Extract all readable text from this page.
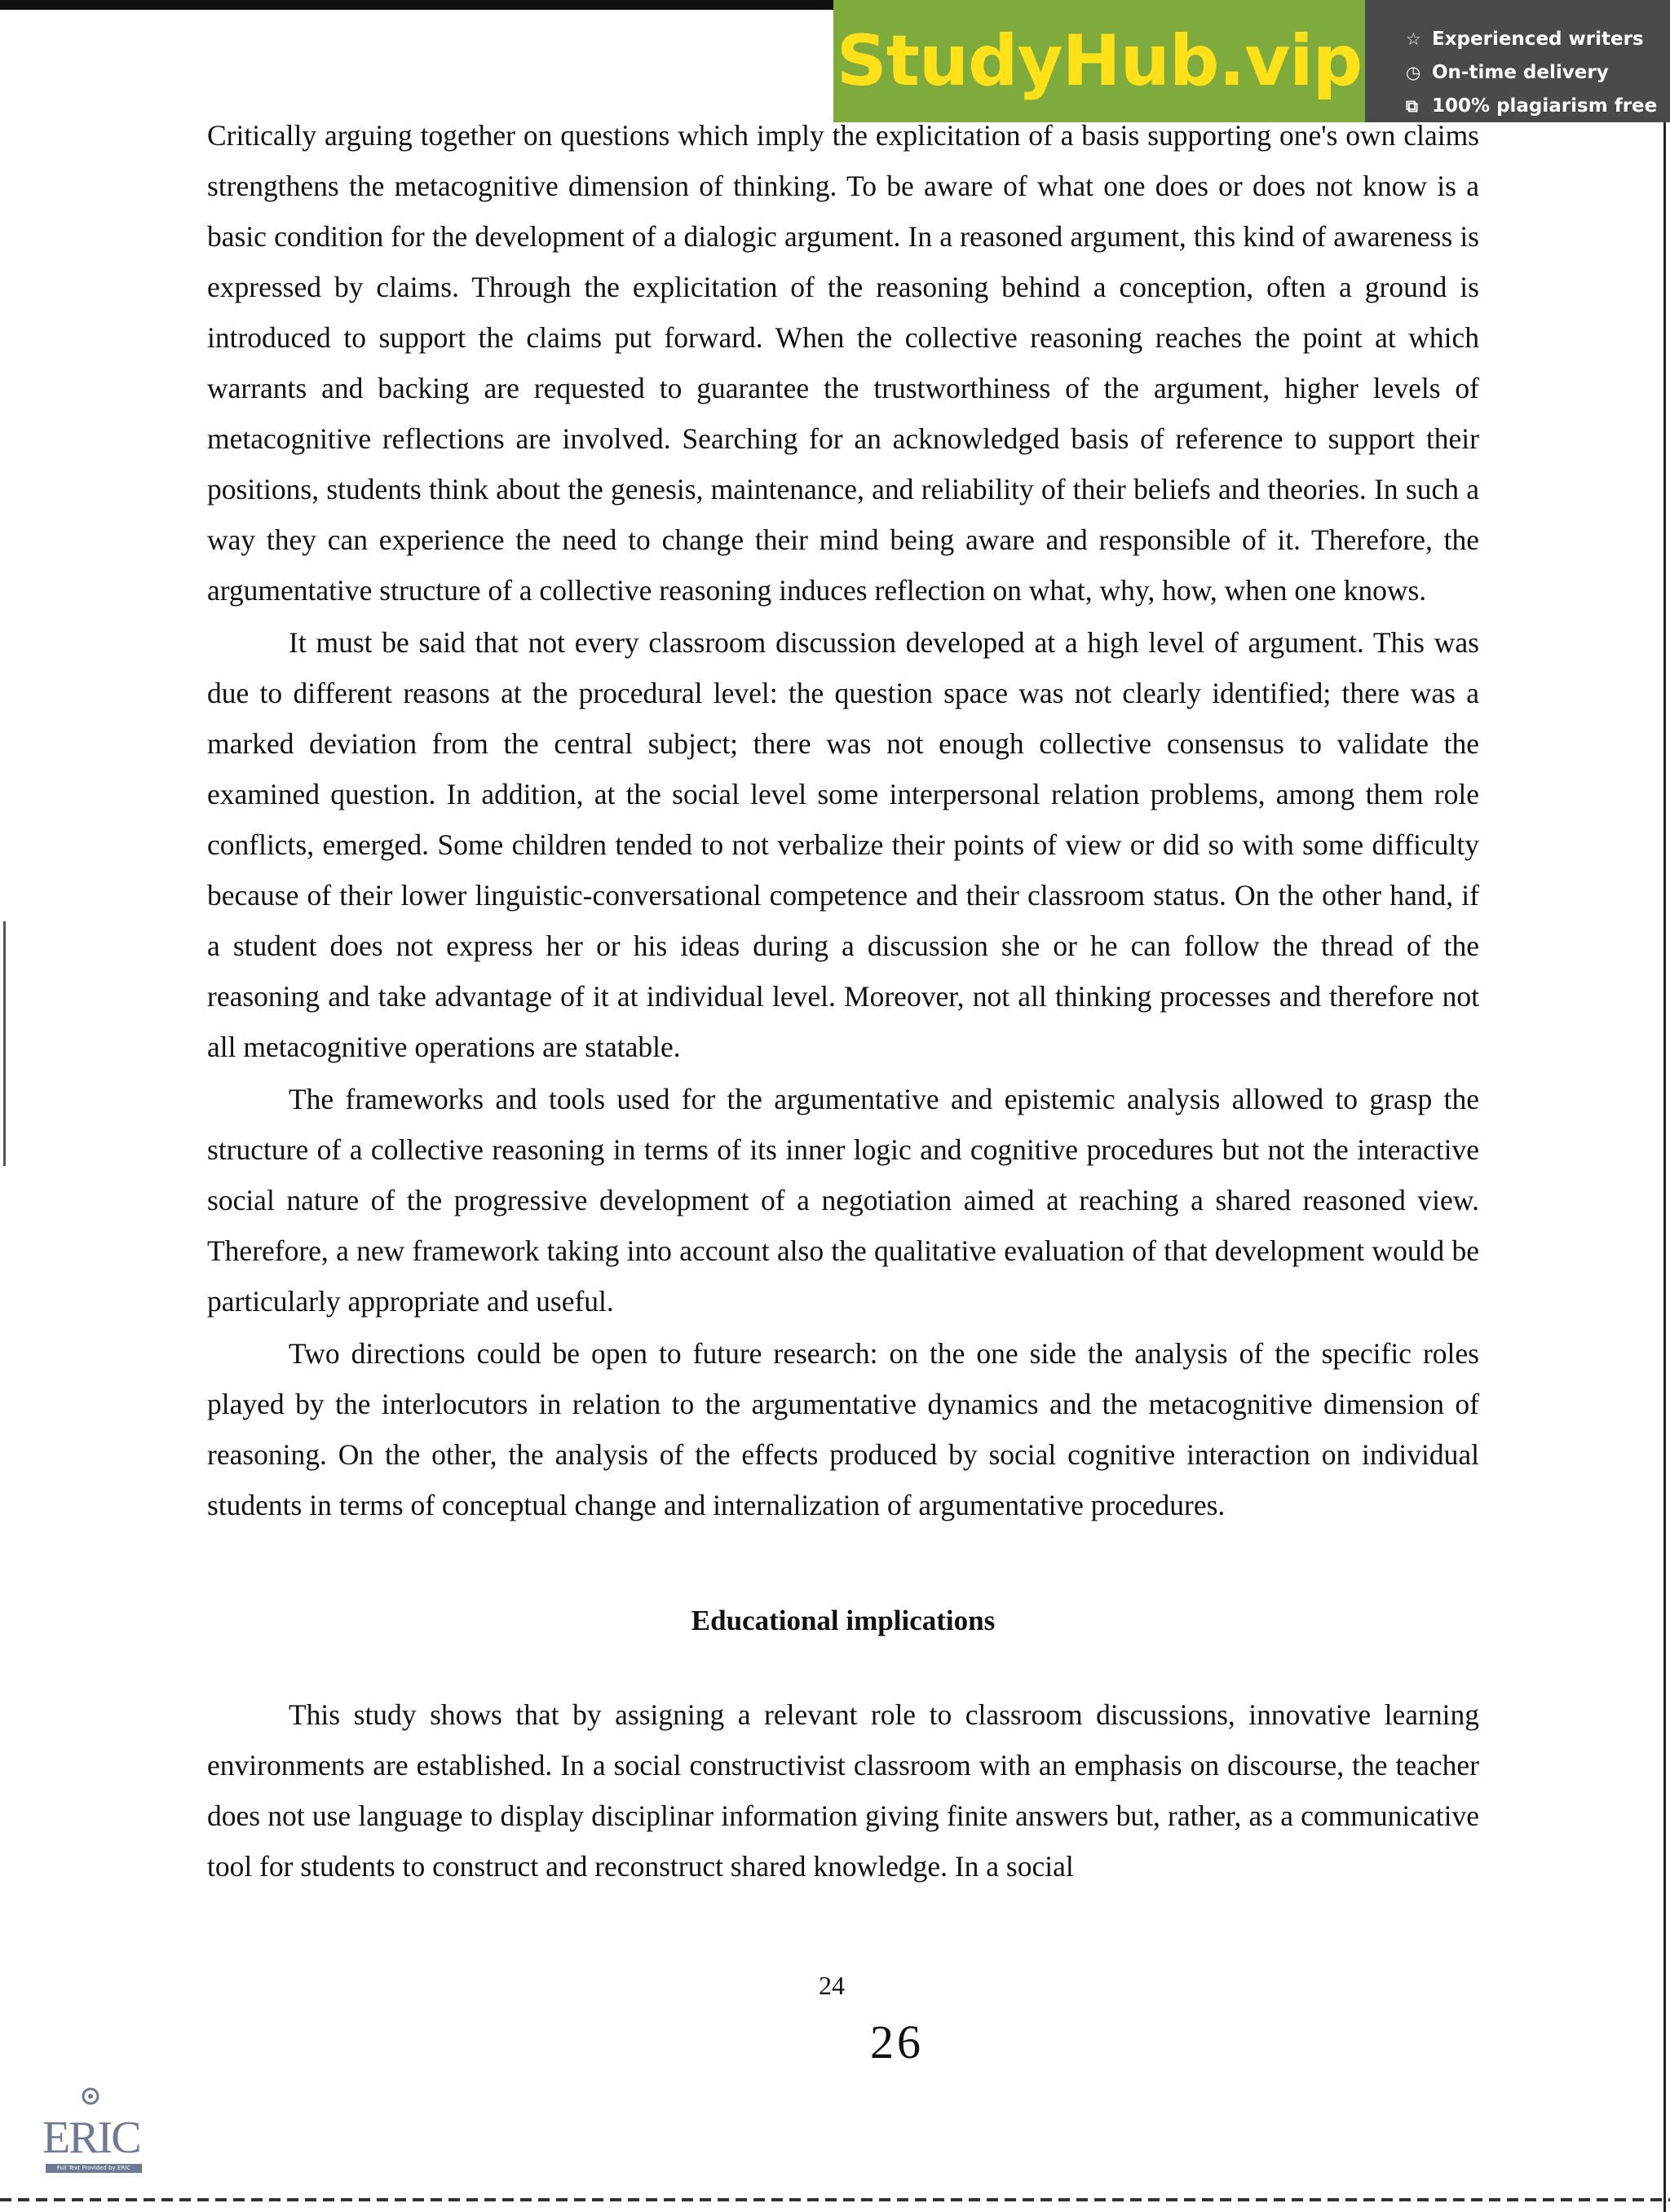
StudyHub.vip	☆ Experienced writers
◷ On-time delivery
⧉ 100% plagiarism free

Critically arguing together on questions which imply the explicitation of a basis supporting one's own claims strengthens the metacognitive dimension of thinking. To be aware of what one does or does not know is a basic condition for the development of a dialogic argument. In a reasoned argument, this kind of awareness is expressed by claims. Through the explicitation of the reasoning behind a conception, often a ground is introduced to support the claims put forward. When the collective reasoning reaches the point at which warrants and backing are requested to guarantee the trustworthiness of the argument, higher levels of metacognitive reflections are involved. Searching for an acknowledged basis of reference to support their positions, students think about the genesis, maintenance, and reliability of their beliefs and theories. In such a way they can experience the need to change their mind being aware and responsible of it. Therefore, the argumentative structure of a collective reasoning induces reflection on what, why, how, when one knows.

It must be said that not every classroom discussion developed at a high level of argument. This was due to different reasons at the procedural level: the question space was not clearly identified; there was a marked deviation from the central subject; there was not enough collective consensus to validate the examined question. In addition, at the social level some interpersonal relation problems, among them role conflicts, emerged. Some children tended to not verbalize their points of view or did so with some difficulty because of their lower linguistic-conversational competence and their classroom status. On the other hand, if a student does not express her or his ideas during a discussion she or he can follow the thread of the reasoning and take advantage of it at individual level. Moreover, not all thinking processes and therefore not all metacognitive operations are statable.

The frameworks and tools used for the argumentative and epistemic analysis allowed to grasp the structure of a collective reasoning in terms of its inner logic and cognitive procedures but not the interactive social nature of the progressive development of a negotiation aimed at reaching a shared reasoned view. Therefore, a new framework taking into account also the qualitative evaluation of that development would be particularly appropriate and useful.

Two directions could be open to future research: on the one side the analysis of the specific roles played by the interlocutors in relation to the argumentative dynamics and the metacognitive dimension of reasoning. On the other, the analysis of the effects produced by social cognitive interaction on individual students in terms of conceptual change and internalization of argumentative procedures.

Educational implications

This study shows that by assigning a relevant role to classroom discussions, innovative learning environments are established. In a social constructivist classroom with an emphasis on discourse, the teacher does not use language to display disciplinar information giving finite answers but, rather, as a communicative tool for students to construct and reconstruct shared knowledge. In a social

24
26
ERIC
Full Text Provided by ERIC
